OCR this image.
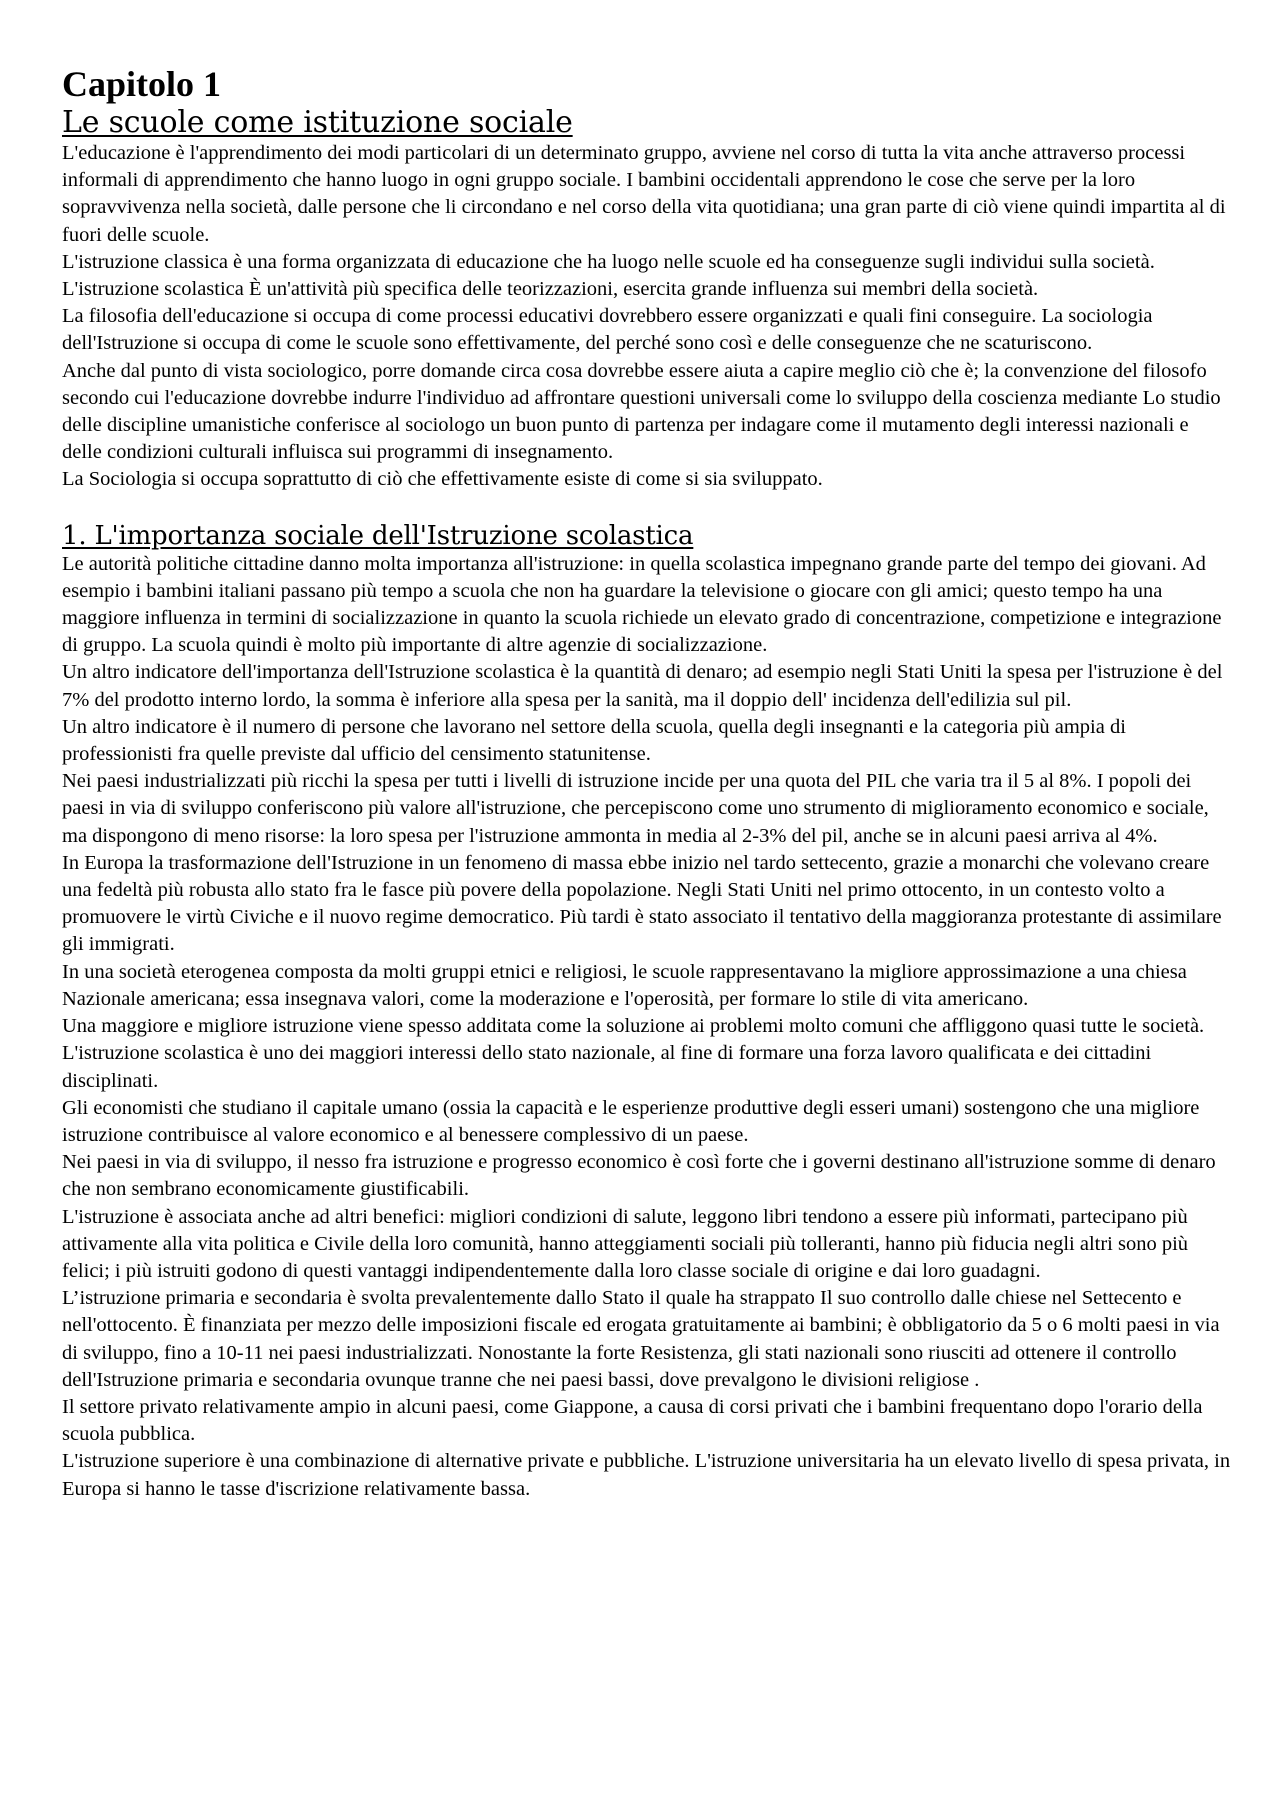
Capitolo 1
Le scuole come istituzione sociale

L'educazione è l'apprendimento dei modi particolari di un determinato gruppo, avviene nel corso di tutta la vita anche attraverso processi informali di apprendimento che hanno luogo in ogni gruppo sociale. I bambini occidentali apprendono le cose che serve per la loro sopravvivenza nella società, dalle persone che li circondano e nel corso della vita quotidiana; una gran parte di ciò viene quindi impartita al di fuori delle scuole.

L'istruzione classica è una forma organizzata di educazione che ha luogo nelle scuole ed ha conseguenze sugli individui sulla società. L'istruzione scolastica È un'attività più specifica delle teorizzazioni, esercita grande influenza sui membri della società.

La filosofia dell'educazione si occupa di come processi educativi dovrebbero essere organizzati e quali fini conseguire. La sociologia dell'Istruzione si occupa di come le scuole sono effettivamente, del perché sono così e delle conseguenze che ne scaturiscono.

Anche dal punto di vista sociologico, porre domande circa cosa dovrebbe essere aiuta a capire meglio ciò che è; la convenzione del filosofo secondo cui l'educazione dovrebbe indurre l'individuo ad affrontare questioni universali come lo sviluppo della coscienza mediante Lo studio delle discipline umanistiche conferisce al sociologo un buon punto di partenza per indagare come il mutamento degli interessi nazionali e delle condizioni culturali influisca sui programmi di insegnamento.

La Sociologia si occupa soprattutto di ciò che effettivamente esiste di come si sia sviluppato.

1. L'importanza sociale dell'Istruzione scolastica

Le autorità politiche cittadine danno molta importanza all'istruzione: in quella scolastica impegnano grande parte del tempo dei giovani. Ad esempio i bambini italiani passano più tempo a scuola che non ha guardare la televisione o giocare con gli amici; questo tempo ha una maggiore influenza in termini di socializzazione in quanto la scuola richiede un elevato grado di concentrazione, competizione e integrazione di gruppo. La scuola quindi è molto più importante di altre agenzie di socializzazione.

Un altro indicatore dell'importanza dell'Istruzione scolastica è la quantità di denaro; ad esempio negli Stati Uniti la spesa per l'istruzione è del 7% del prodotto interno lordo, la somma è inferiore alla spesa per la sanità, ma il doppio dell' incidenza dell'edilizia sul pil.

Un altro indicatore è il numero di persone che lavorano nel settore della scuola, quella degli insegnanti e la categoria più ampia di professionisti fra quelle previste dal ufficio del censimento statunitense.

Nei paesi industrializzati più ricchi la spesa per tutti i livelli di istruzione incide per una quota del PIL che varia tra il 5 al 8%. I popoli dei paesi in via di sviluppo conferiscono più valore all'istruzione, che percepiscono come uno strumento di miglioramento economico e sociale, ma dispongono di meno risorse: la loro spesa per l'istruzione ammonta in media al 2-3% del pil, anche se in alcuni paesi arriva al 4%.

In Europa la trasformazione dell'Istruzione in un fenomeno di massa ebbe inizio nel tardo settecento, grazie a monarchi che volevano creare una fedeltà più robusta allo stato fra le fasce più povere della popolazione. Negli Stati Uniti nel primo ottocento, in un contesto volto a promuovere le virtù Civiche e il nuovo regime democratico. Più tardi è stato associato il tentativo della maggioranza protestante di assimilare gli immigrati.

In una società eterogenea composta da molti gruppi etnici e religiosi, le scuole rappresentavano la migliore approssimazione a una chiesa Nazionale americana; essa insegnava valori, come la moderazione e l'operosità, per formare lo stile di vita americano.

Una maggiore e migliore istruzione viene spesso additata come la soluzione ai problemi molto comuni che affliggono quasi tutte le società. L'istruzione scolastica è uno dei maggiori interessi dello stato nazionale, al fine di formare una forza lavoro qualificata e dei cittadini disciplinati.

Gli economisti che studiano il capitale umano (ossia la capacità e le esperienze produttive degli esseri umani) sostengono che una migliore istruzione contribuisce al valore economico e al benessere complessivo di un paese.

Nei paesi in via di sviluppo, il nesso fra istruzione e progresso economico è così forte che i governi destinano all'istruzione somme di denaro che non sembrano economicamente giustificabili.

L'istruzione è associata anche ad altri benefici: migliori condizioni di salute, leggono libri tendono a essere più informati, partecipano più attivamente alla vita politica e Civile della loro comunità, hanno atteggiamenti sociali più tolleranti, hanno più fiducia negli altri sono più felici; i più istruiti godono di questi vantaggi indipendentemente dalla loro classe sociale di origine e dai loro guadagni.

L’istruzione primaria e secondaria è svolta prevalentemente dallo Stato il quale ha strappato Il suo controllo dalle chiese nel Settecento e nell'ottocento. È finanziata per mezzo delle imposizioni fiscale ed erogata gratuitamente ai bambini; è obbligatorio da 5 o 6 molti paesi in via di sviluppo, fino a 10-11 nei paesi industrializzati. Nonostante la forte Resistenza, gli stati nazionali sono riusciti ad ottenere il controllo dell'Istruzione primaria e secondaria ovunque tranne che nei paesi bassi, dove prevalgono le divisioni religiose .

Il settore privato relativamente ampio in alcuni paesi, come Giappone, a causa di corsi privati che i bambini frequentano dopo l'orario della scuola pubblica.

L'istruzione superiore è una combinazione di alternative private e pubbliche. L'istruzione universitaria ha un elevato livello di spesa privata, in Europa si hanno le tasse d'iscrizione relativamente bassa.
